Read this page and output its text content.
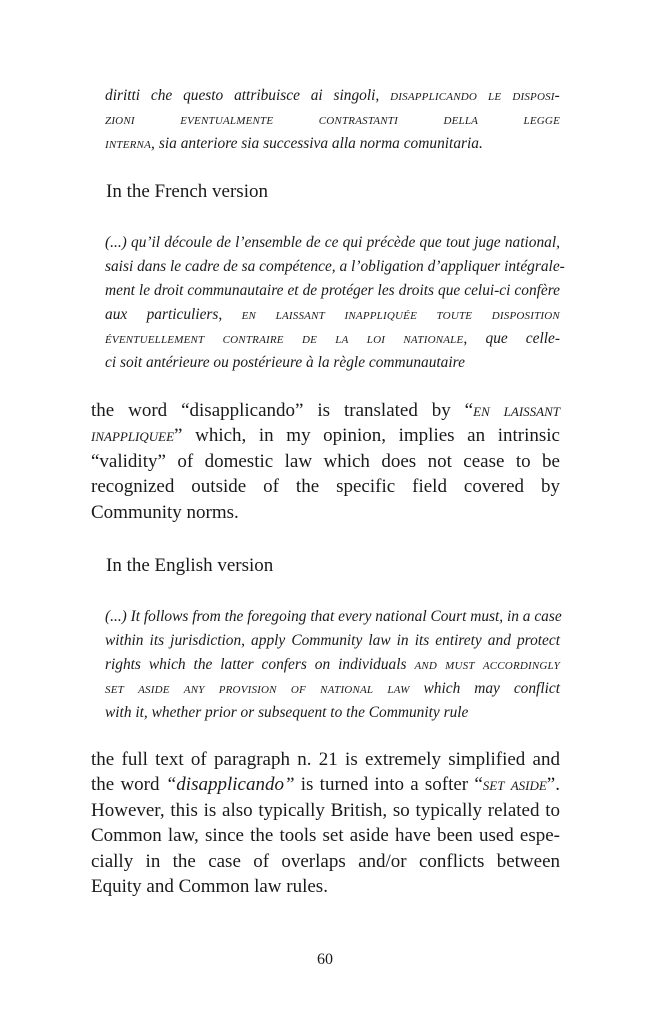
diritti che questo attribuisce ai singoli, disapplicando le disposi-
zioni eventualmente contrastanti della legge
interna, sia anteriore sia successiva alla norma comunitaria.
In the French version
(...) qu’il découle de l’ensemble de ce qui précède que tout juge national,
saisi dans le cadre de sa compétence, a l’obligation d’appliquer intégrale-
ment le droit communautaire et de protéger les droits que celui-ci confère
aux particuliers, en laissant inappliquée toute disposition
éventuellement contraire de la loi nationale, que celle-
ci soit antérieure ou postérieure à la règle communautaire
the word “disapplicando” is translated by “en laissant
inappliquee” which, in my opinion, implies an intrinsic
“validity” of domestic law which does not cease to be
recognized outside of the specific field covered by
Community norms.
In the English version
(...) It follows from the foregoing that every national Court must, in a case
within its jurisdiction, apply Community law in its entirety and protect
rights which the latter confers on individuals and must accordingly
set aside any provision of national law which may conflict
with it, whether prior or subsequent to the Community rule
the full text of paragraph n. 21 is extremely simplified and
the word “disapplicando” is turned into a softer “set aside”.
However, this is also typically British, so typically related to
Common law, since the tools set aside have been used espe-
cially in the case of overlaps and/or conflicts between
Equity and Common law rules.
60
